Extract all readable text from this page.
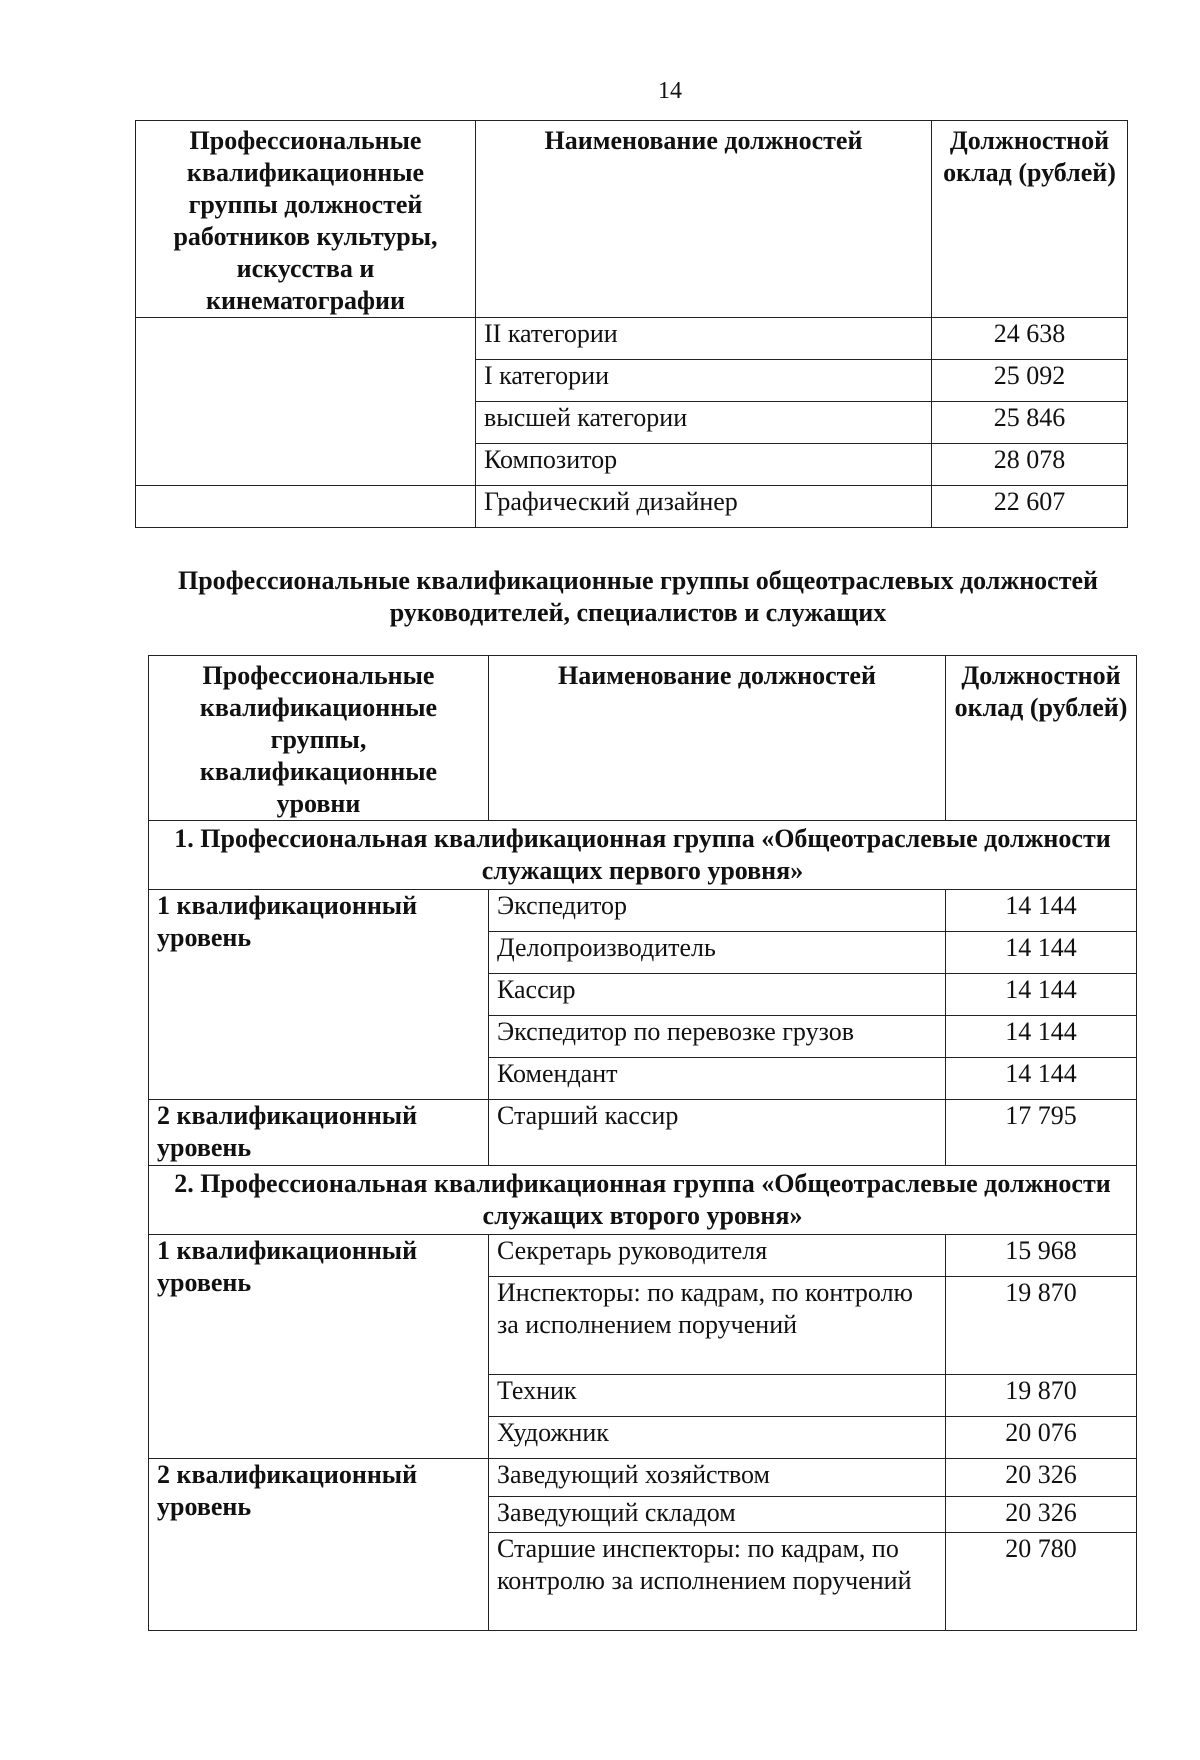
14
Профессиональные квалификационные группы должностей работников культуры, искусства и кинематографии	Наименование должностей	Должностной оклад (рублей)
	II категории	24 638
	I категории	25 092
	высшей категории	25 846
	Композитор	28 078
	Графический дизайнер	22 607
Профессиональные квалификационные группы общеотраслевых должностей руководителей, специалистов и служащих
Профессиональные квалификационные группы, квалификационные уровни	Наименование должностей	Должностной оклад (рублей)
1. Профессиональная квалификационная группа «Общеотраслевые должности служащих первого уровня»		
1 квалификационный уровень	Экспедитор	14 144
	Делопроизводитель	14 144
	Кассир	14 144
	Экспедитор по перевозке грузов	14 144
	Комендант	14 144
2 квалификационный уровень	Старший кассир	17 795
2. Профессиональная квалификационная группа «Общеотраслевые должности служащих второго уровня»		
1 квалификационный уровень	Секретарь руководителя	15 968
	Инспекторы: по кадрам, по контролю за исполнением поручений	19 870
	Техник	19 870
	Художник	20 076
2 квалификационный уровень	Заведующий хозяйством	20 326
	Заведующий складом	20 326
	Старшие инспекторы: по кадрам, по контролю за исполнением поручений	20 780
